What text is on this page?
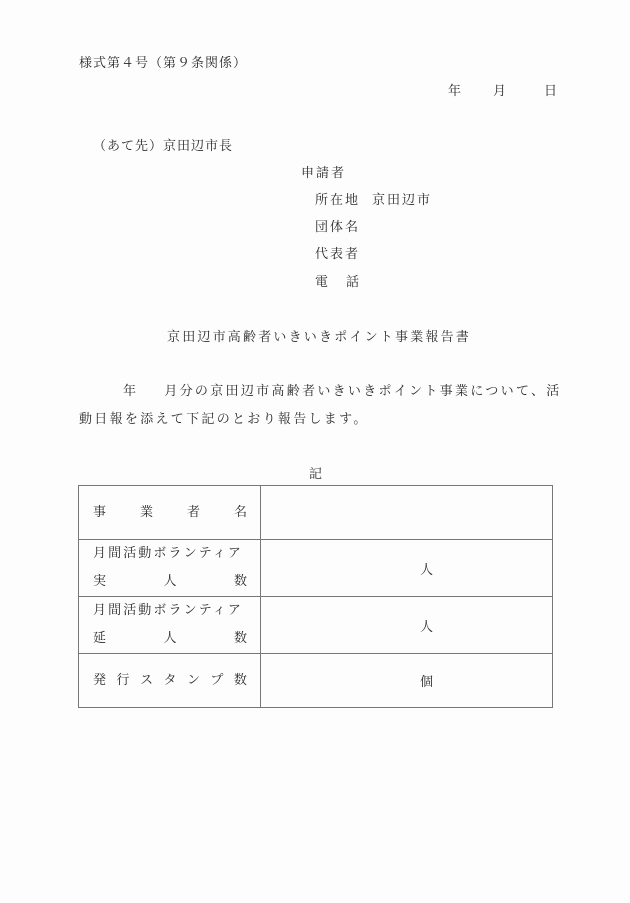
様式第４号（第９条関係）
年 月	日
（あて先）京田辺市長
申請者
所在地 京田辺市
団体名
代表者
電話
京田辺市高齢者いきいきポイント事業報告書
年 月分の京田辺市高齢者いきいきポイント事業について、活
動日報を添えて下記のとおり報告します。
記
事 業 者 名	

月間活動ボランティア
実 人 数	人

月間活動ボランティア
延 人 数	人

発 行 ス タ ン プ 数	個
